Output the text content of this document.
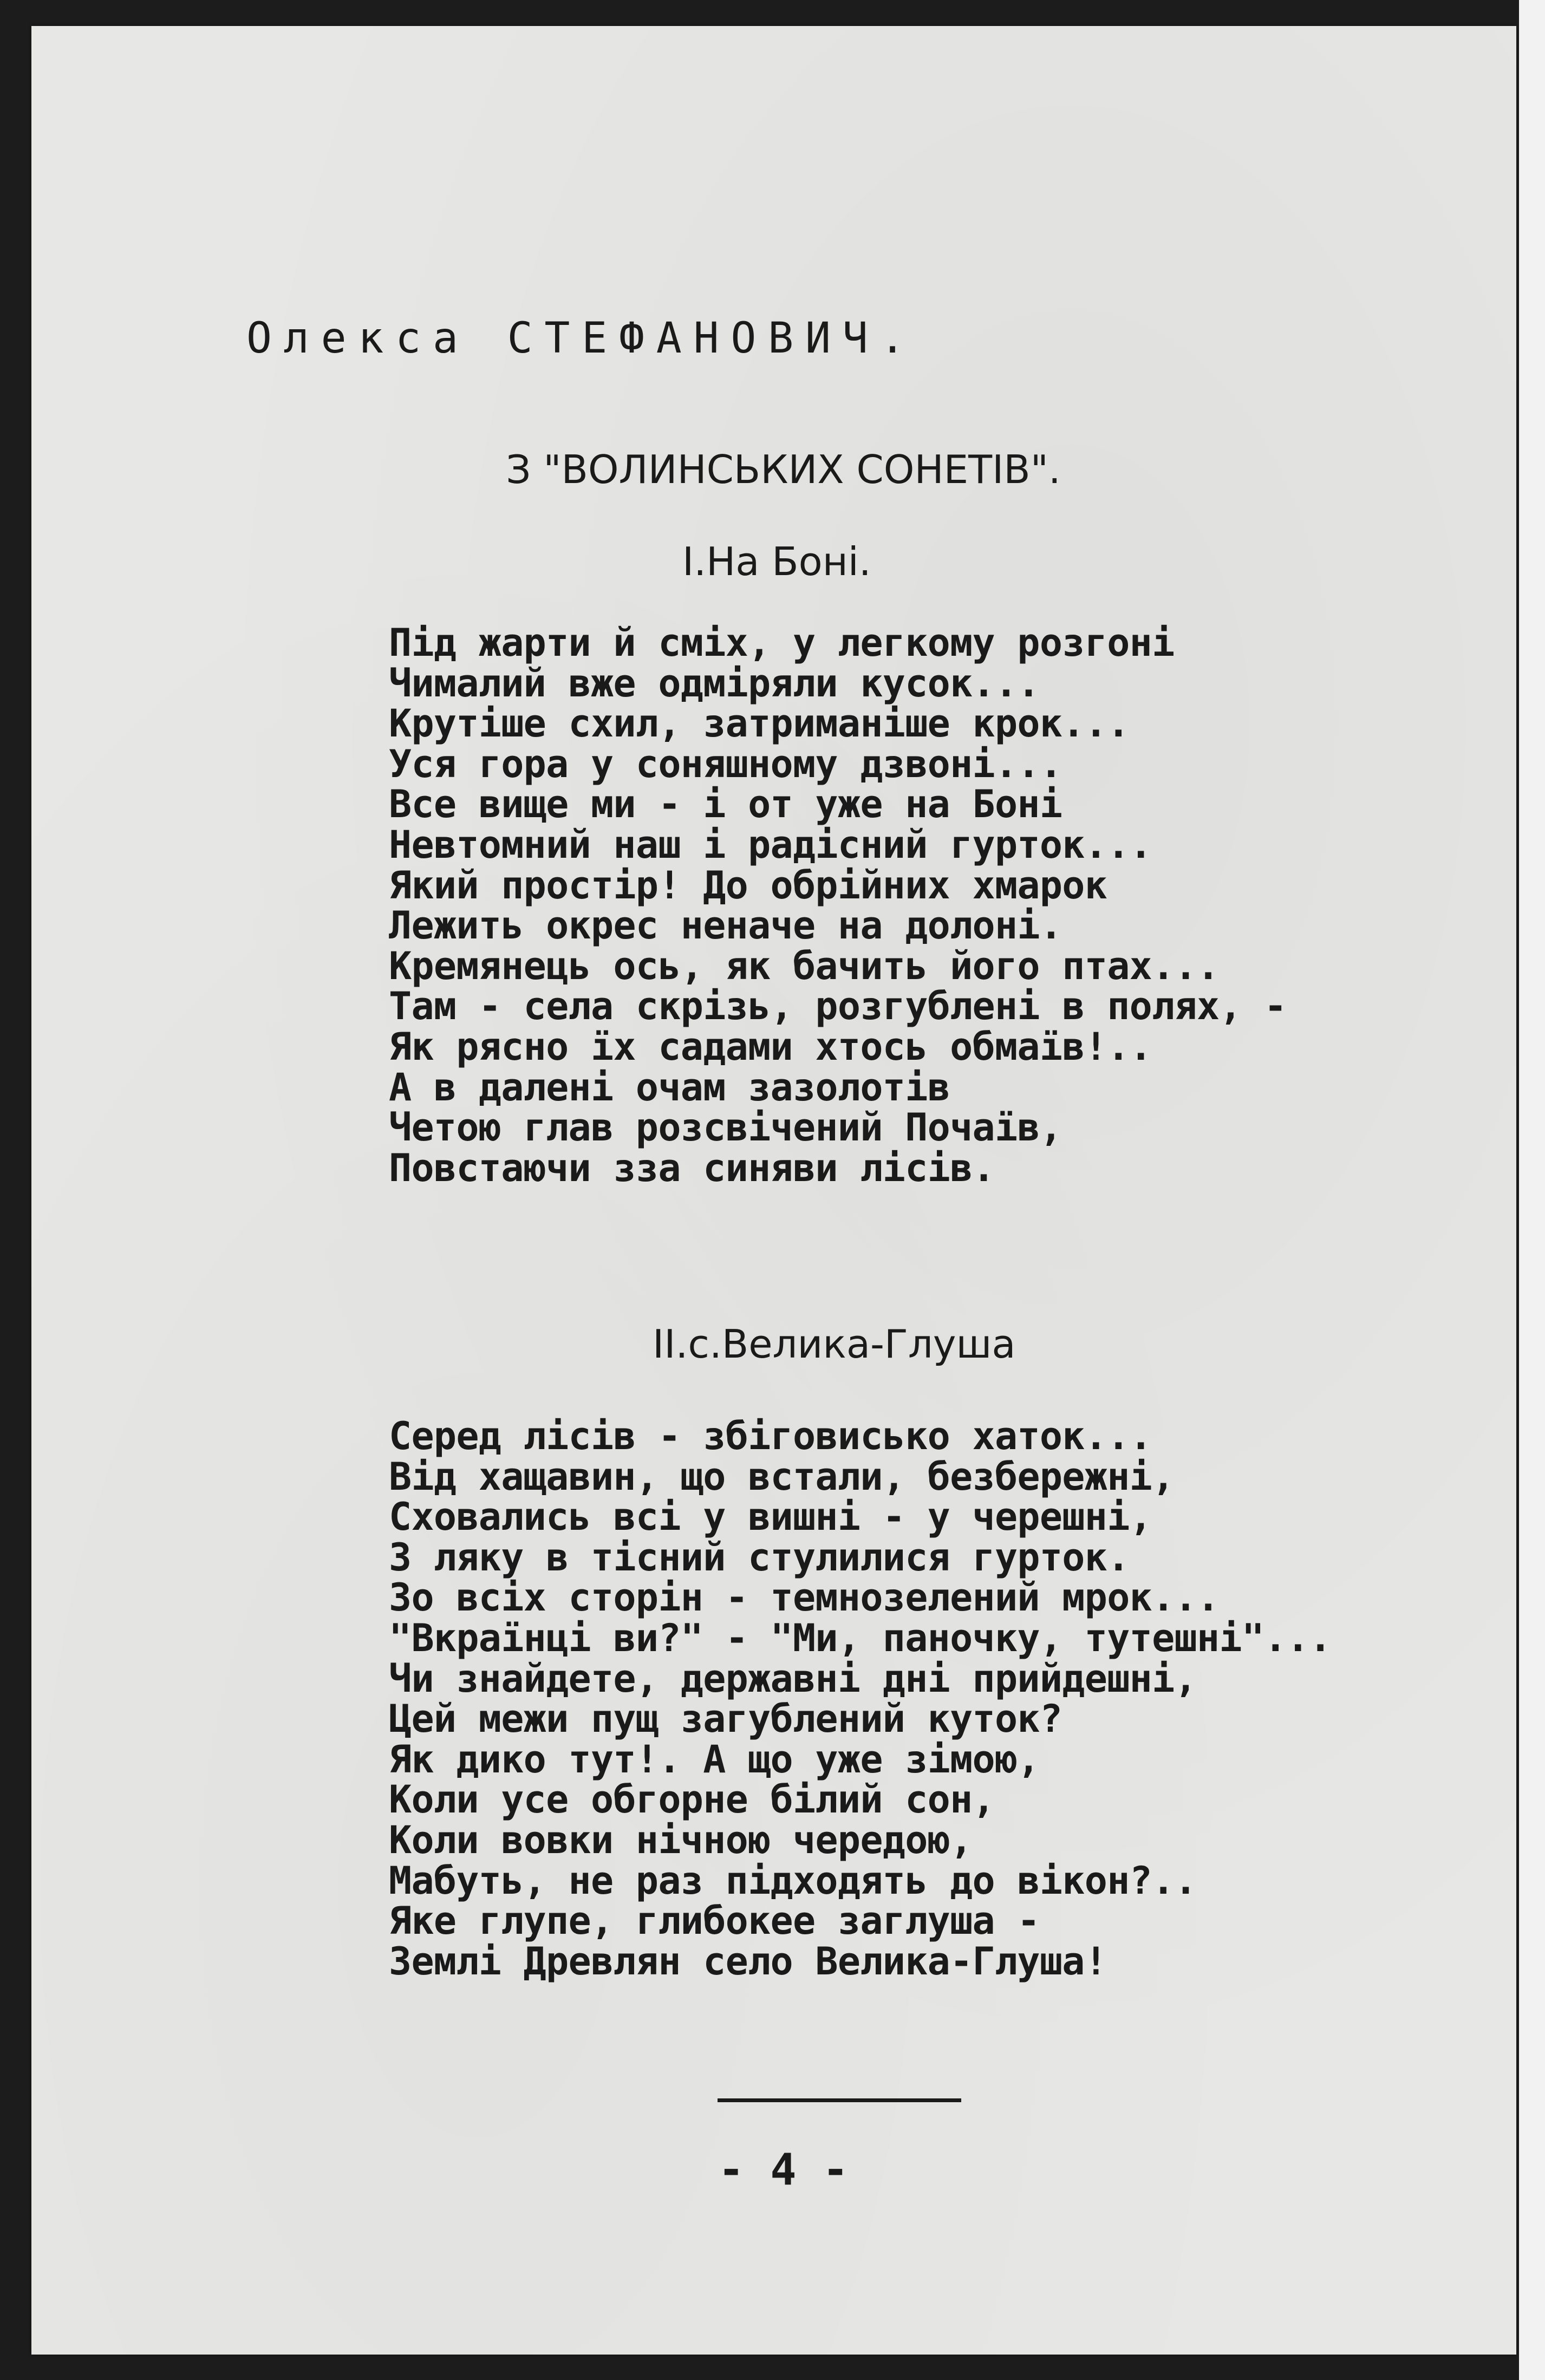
Олекса СТЕФАНОВИЧ.
З "ВОЛИНСЬКИХ СОНЕТІВ".
I.На Боні.
Під жарти й сміх, у легкому розгоні
Чималий вже одміряли кусок...
Крутіше схил, затриманіше крок...
Уся гора у соняшному дзвоні...
Все вище ми - і от уже на Боні
Невтомний наш і радісний гурток...
Який простір! До обрійних хмарок
Лежить окрес неначе на долоні.
Кремянець ось, як бачить його птах...
Там - села скрізь, розгублені в полях, -
Як рясно їх садами хтось обмаїв!..
А в далені очам зазолотів
Четою глав розсвічений Почаїв,
Повстаючи зза синяви лісів.
II.с.Велика-Глуша
Серед лісів - збіговисько хаток...
Від хащавин, що встали, безбережні,
Сховались всі у вишні - у черешні,
З ляку в тісний стулилися гурток.
Зо всіх сторін - темнозелений мрок...
"Вкраїнці ви?" - "Ми, паночку, тутешні"...
Чи знайдете, державні дні прийдешні,
Цей межи пущ загублений куток?
Як дико тут!. А що уже зімою,
Коли усе обгорне білий сон,
Коли вовки нічною чередою,
Мабуть, не раз підходять до вікон?..
Яке глупе, глибокее заглуша -
Землі Древлян село Велика-Глуша!
- 4 -
